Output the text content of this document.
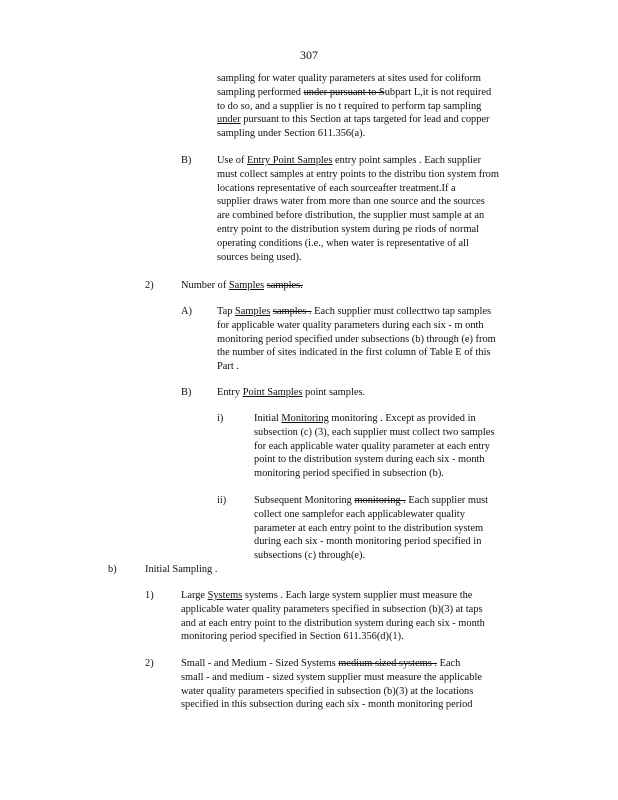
307

sampling for water quality parameters at sites used for coliform

sampling performed under pursuant to Subpart L,it is not required

to do so, and a supplier is no t required to perform tap sampling

under pursuant to this Section at taps targeted for lead and copper

sampling under Section 611.356(a).

B) Use of Entry Point Samples entry point samples . Each supplier

must collect samples at entry points to the distribu tion system from

locations representative of each sourceafter treatment.If a

supplier draws water from more than one source and the sources

are combined before distribution, the supplier must sample at an

entry point to the distribution system during pe riods of normal

operating conditions (i.e., when water is representative of all

sources being used).

2)	Number of Samples samples.

A) Tap Samples samples . Each supplier must collecttwo tap samples

for applicable water quality parameters during each six - m onth

monitoring period specified under subsections (b) through (e) from

the number of sites indicated in the first column of Table E of this

Part .

B) Entry Point Samples point samples.

i)	Initial Monitoring monitoring . Except as provided in

subsection (c) (3), each supplier must collect two samples

for each applicable water quality parameter at each entry

point to the distribution system during each six - month

monitoring period specified in subsection (b).

ii)	Subsequent Monitoring monitoring . Each supplier must

collect one samplefor each applicablewater quality

parameter at each entry point to the distribution system

during each six - month monitoring period specified in

subsections (c) through(e).

b)	Initial Sampling .

1)	Large Systems systems . Each large system supplier must measure the

applicable water quality parameters specified in subsection (b)(3) at taps

and at each entry point to the distribution system during each six - month

monitoring period specified in Section 611.356(d)(1).

2)	Small - and Medium - Sized Systems medium sized systems . Each

small - and medium - sized system supplier must measure the applicable

water quality parameters specified in subsection (b)(3) at the locations

specified in this subsection during each six - month monitoring period
